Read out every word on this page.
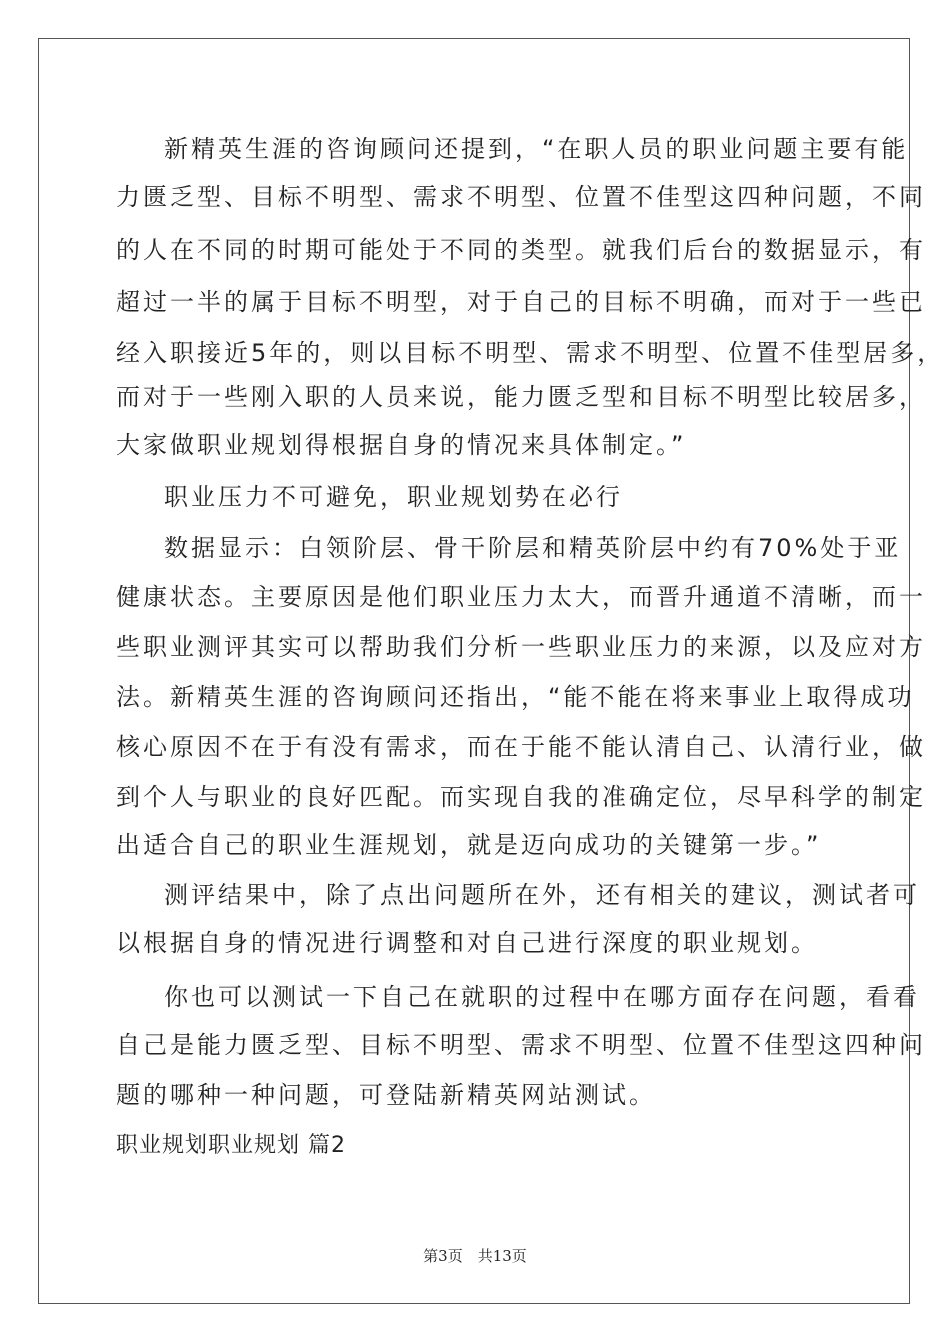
新精英生涯的咨询顾问还提到，“在职人员的职业问题主要有能
力匮乏型、目标不明型、需求不明型、位置不佳型这四种问题，不同
的人在不同的时期可能处于不同的类型。就我们后台的数据显示，有
超过一半的属于目标不明型，对于自己的目标不明确，而对于一些已
经入职接近5年的，则以目标不明型、需求不明型、位置不佳型居多，
而对于一些刚入职的人员来说，能力匮乏型和目标不明型比较居多，
大家做职业规划得根据自身的情况来具体制定。”
职业压力不可避免，职业规划势在必行
数据显示：白领阶层、骨干阶层和精英阶层中约有70%处于亚
健康状态。主要原因是他们职业压力太大，而晋升通道不清晰，而一
些职业测评其实可以帮助我们分析一些职业压力的来源，以及应对方
法。新精英生涯的咨询顾问还指出，“能不能在将来事业上取得成功
核心原因不在于有没有需求，而在于能不能认清自己、认清行业，做
到个人与职业的良好匹配。而实现自我的准确定位，尽早科学的制定
出适合自己的职业生涯规划，就是迈向成功的关键第一步。”
测评结果中，除了点出问题所在外，还有相关的建议，测试者可
以根据自身的情况进行调整和对自己进行深度的职业规划。
你也可以测试一下自己在就职的过程中在哪方面存在问题，看看
自己是能力匮乏型、目标不明型、需求不明型、位置不佳型这四种问
题的哪种一种问题，可登陆新精英网站测试。
职业规划职业规划 篇2
第3页　共13页
